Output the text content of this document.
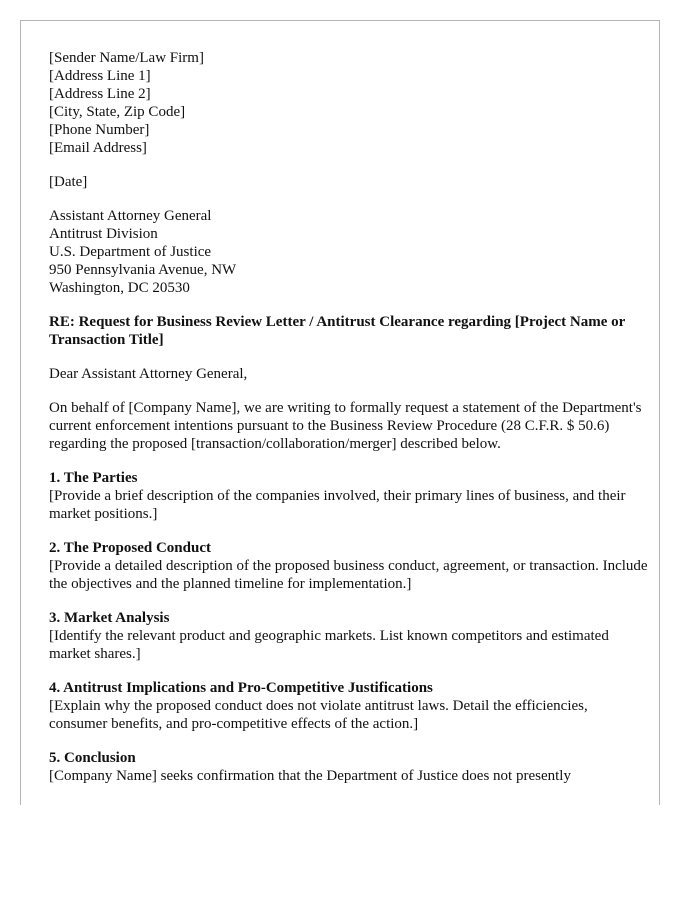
[Sender Name/Law Firm]
[Address Line 1]
[Address Line 2]
[City, State, Zip Code]
[Phone Number]
[Email Address]
[Date]
Assistant Attorney General
Antitrust Division
U.S. Department of Justice
950 Pennsylvania Avenue, NW
Washington, DC 20530

RE: Request for Business Review Letter / Antitrust Clearance regarding [Project Name or Transaction Title]

Dear Assistant Attorney General,

On behalf of [Company Name], we are writing to formally request a statement of the Department's current enforcement intentions pursuant to the Business Review Procedure (28 C.F.R. $ 50.6) regarding the proposed [transaction/collaboration/merger] described below.

1. The Parties
[Provide a brief description of the companies involved, their primary lines of business, and their market positions.]
2. The Proposed Conduct
[Provide a detailed description of the proposed business conduct, agreement, or transaction. Include the objectives and the planned timeline for implementation.]
3. Market Analysis
[Identify the relevant product and geographic markets. List known competitors and estimated market shares.]
4. Antitrust Implications and Pro-Competitive Justifications
[Explain why the proposed conduct does not violate antitrust laws. Detail the efficiencies, consumer benefits, and pro-competitive effects of the action.]
5. Conclusion
[Company Name] seeks confirmation that the Department of Justice does not presently
